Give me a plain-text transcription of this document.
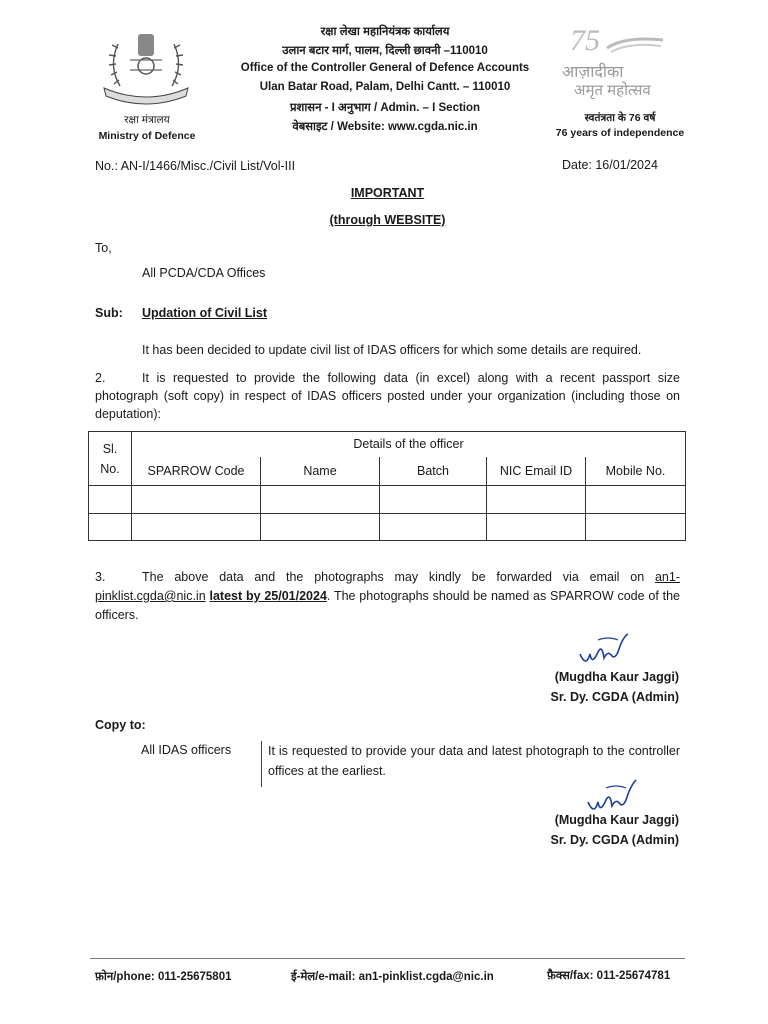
रक्षा मंत्रालय
Ministry of Defence
रक्षा लेखा महानियंत्रक कार्यालय
उलान बटार मार्ग, पालम, दिल्ली छावनी –110010
Office of the Controller General of Defence Accounts
Ulan Batar Road, Palam, Delhi Cantt. – 110010
प्रशासन - I अनुभाग / Admin. – I Section
वेबसाइट / Website: www.cgda.nic.in
75
आज़ादीका
अमृत महोत्सव
स्वतंत्रता के 76 वर्ष
76 years of independence
No.: AN-I/1466/Misc./Civil List/Vol-III	Date: 16/01/2024
IMPORTANT
(through WEBSITE)
To,
All PCDA/CDA Offices
Sub: Updation of Civil List
It has been decided to update civil list of IDAS officers for which some details are required.
2.	It is requested to provide the following data (in excel) along with a recent passport size photograph (soft copy) in respect of IDAS officers posted under your organization (including those on deputation):
Sl.
No.	Details of the officer				
	SPARROW Code	Name	Batch	NIC Email ID	Mobile No.

3.	The above data and the photographs may kindly be forwarded via email on an1-pinklist.cgda@nic.in latest by 25/01/2024. The photographs should be named as SPARROW code of the officers.
(Mugdha Kaur Jaggi)
Sr. Dy. CGDA (Admin)
Copy to:
All IDAS officers	It is requested to provide your data and latest photograph to the controller offices at the earliest.
(Mugdha Kaur Jaggi)
Sr. Dy. CGDA (Admin)
फ़ोन/phone: 011-25675801	ई-मेल/e-mail: an1-pinklist.cgda@nic.in	फ़ैक्स/fax: 011-25674781
